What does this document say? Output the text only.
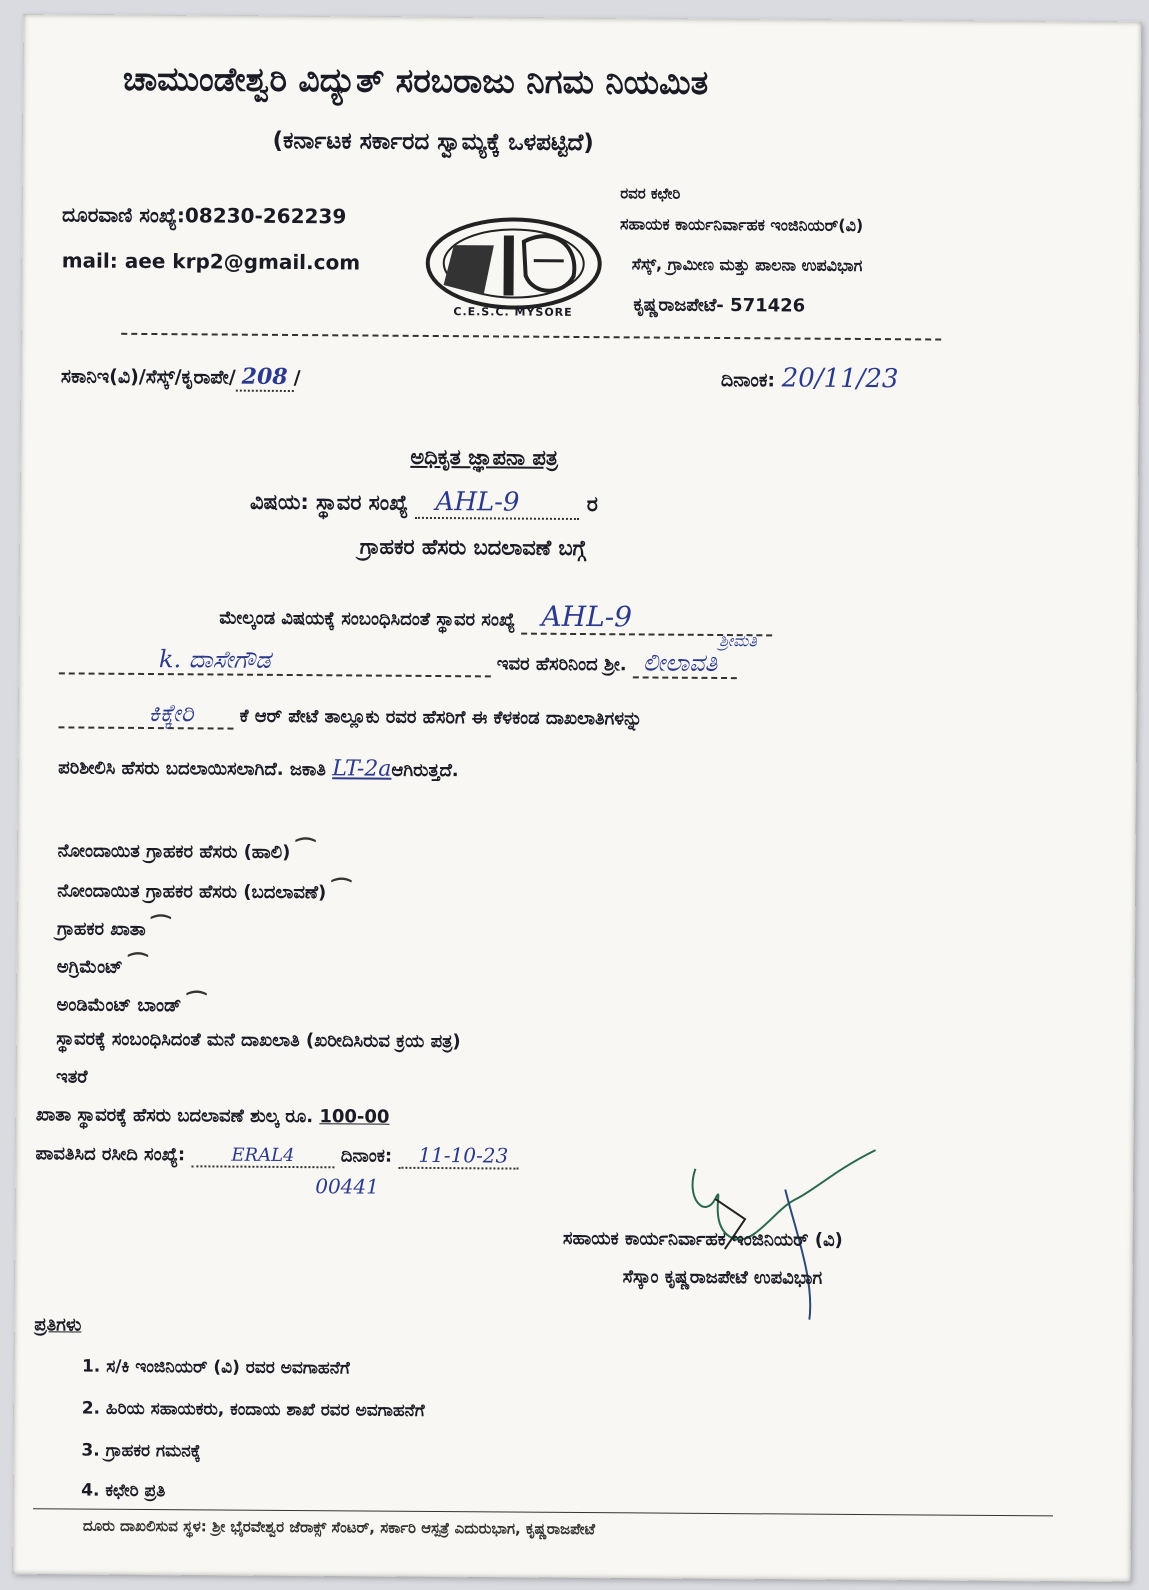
ಚಾಮುಂಡೇಶ್ವರಿ ವಿದ್ಯುತ್ ಸರಬರಾಜು ನಿಗಮ ನಿಯಮಿತ
(ಕರ್ನಾಟಕ ಸರ್ಕಾರದ ಸ್ವಾಮ್ಯಕ್ಕೆ ಒಳಪಟ್ಟಿದೆ)
ದೂರವಾಣಿ ಸಂಖ್ಯೆ:08230-262239
mail: aee krp2@gmail.com
C.E.S.C. MYSORE
ರವರ ಕಛೇರಿ
ಸಹಾಯಕ ಕಾರ್ಯನಿರ್ವಾಹಕ ಇಂಜಿನಿಯರ್(ವಿ)
ಸೆಸ್ಕ್, ಗ್ರಾಮೀಣ ಮತ್ತು ಪಾಲನಾ ಉಪವಿಭಾಗ
ಕೃಷ್ಣರಾಜಪೇಟೆ- 571426
ಸಕಾನಿಇ(ವಿ)/ಸೆಸ್ಕ್/ಕೃರಾಪೇ/ 208 /	ದಿನಾಂಕ: 20/11/23
ಅಧಿಕೃತ ಜ್ಞಾಪನಾ ಪತ್ರ
ವಿಷಯ: ಸ್ಥಾವರ ಸಂಖ್ಯೆ AHL-9	ರ
ಗ್ರಾಹಕರ ಹೆಸರು ಬದಲಾವಣೆ ಬಗ್ಗೆ
ಮೇಲ್ಕಂಡ ವಿಷಯಕ್ಕೆ ಸಂಬಂಧಿಸಿದಂತೆ ಸ್ಥಾವರ ಸಂಖ್ಯೆ AHL-9
ಶ್ರೀಮತಿ
k. ದಾಸೇಗೌಡ	ಇವರ ಹೆಸರಿನಿಂದ ಶ್ರೀ. ಲೀಲಾವತಿ
ಕಿಕ್ಕೇರಿ	ಕೆ ಆರ್ ಪೇಟೆ ತಾಲ್ಲೂಕು ರವರ ಹೆಸರಿಗೆ ಈ ಕೆಳಕಂಡ ದಾಖಲಾತಿಗಳನ್ನು
ಪರಿಶೀಲಿಸಿ ಹೆಸರು ಬದಲಾಯಿಸಲಾಗಿದೆ. ಜಕಾತಿ LT-2aಆಗಿರುತ್ತದೆ.
ನೋಂದಾಯಿತ ಗ್ರಾಹಕರ ಹೆಸರು (ಹಾಲಿ) ⁀
ನೋಂದಾಯಿತ ಗ್ರಾಹಕರ ಹೆಸರು (ಬದಲಾವಣೆ) ⁀
ಗ್ರಾಹಕರ ಖಾತಾ ⁀
ಅಗ್ರಿಮೆಂಟ್ ⁀
ಅಂಡಿಮೆಂಟ್ ಬಾಂಡ್ ⁀
ಸ್ಥಾವರಕ್ಕೆ ಸಂಬಂಧಿಸಿದಂತೆ ಮನೆ ದಾಖಲಾತಿ (ಖರೀದಿಸಿರುವ ಕ್ರಯ ಪತ್ರ)
ಇತರೆ
ಖಾತಾ ಸ್ಥಾವರಕ್ಕೆ ಹೆಸರು ಬದಲಾವಣೆ ಶುಲ್ಕ ರೂ. 100-00
ಪಾವತಿಸಿದ ರಸೀದಿ ಸಂಖ್ಯೆ:	ERAL4	ದಿನಾಂಕ: 11-10-23
00441
ಸಹಾಯಕ ಕಾರ್ಯನಿರ್ವಾಹಕ ಇಂಜಿನಿಯರ್ (ವಿ)
ಸೆಸ್ಕಾಂ ಕೃಷ್ಣರಾಜಪೇಟೆ ಉಪವಿಭಾಗ
ಪ್ರತಿಗಳು
1. ಸ/ಕಿ ಇಂಜಿನಿಯರ್ (ವಿ) ರವರ ಅವಗಾಹನೆಗೆ
2. ಹಿರಿಯ ಸಹಾಯಕರು, ಕಂದಾಯ ಶಾಖೆ ರವರ ಅವಗಾಹನೆಗೆ
3. ಗ್ರಾಹಕರ ಗಮನಕ್ಕೆ
4. ಕಛೇರಿ ಪ್ರತಿ
ದೂರು ದಾಖಲಿಸುವ ಸ್ಥಳ: ಶ್ರೀ ಭೈರವೇಶ್ವರ ಜೆರಾಕ್ಸ್ ಸೆಂಟರ್, ಸರ್ಕಾರಿ ಆಸ್ಪತ್ರೆ ಎದುರುಭಾಗ, ಕೃಷ್ಣರಾಜಪೇಟೆ
